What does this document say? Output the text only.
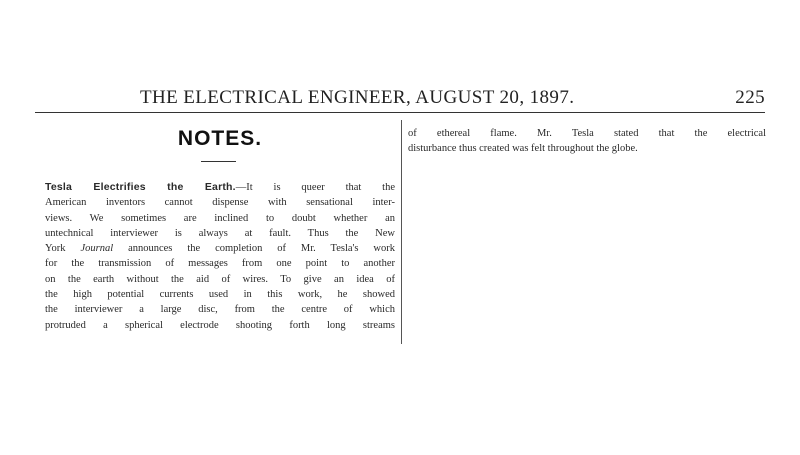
THE ELECTRICAL ENGINEER, AUGUST 20, 1897.	225
NOTES.
Tesla Electrifies the Earth.—It is queer that the
American inventors cannot dispense with sensational inter-
views. We sometimes are inclined to doubt whether an
untechnical interviewer is always at fault. Thus the New
York Journal announces the completion of Mr. Tesla's work
for the transmission of messages from one point to another
on the earth without the aid of wires. To give an idea of
the high potential currents used in this work, he showed
the interviewer a large disc, from the centre of which
protruded a spherical electrode shooting forth long streams
of ethereal flame. Mr. Tesla stated that the electrical
disturbance thus created was felt throughout the globe.
